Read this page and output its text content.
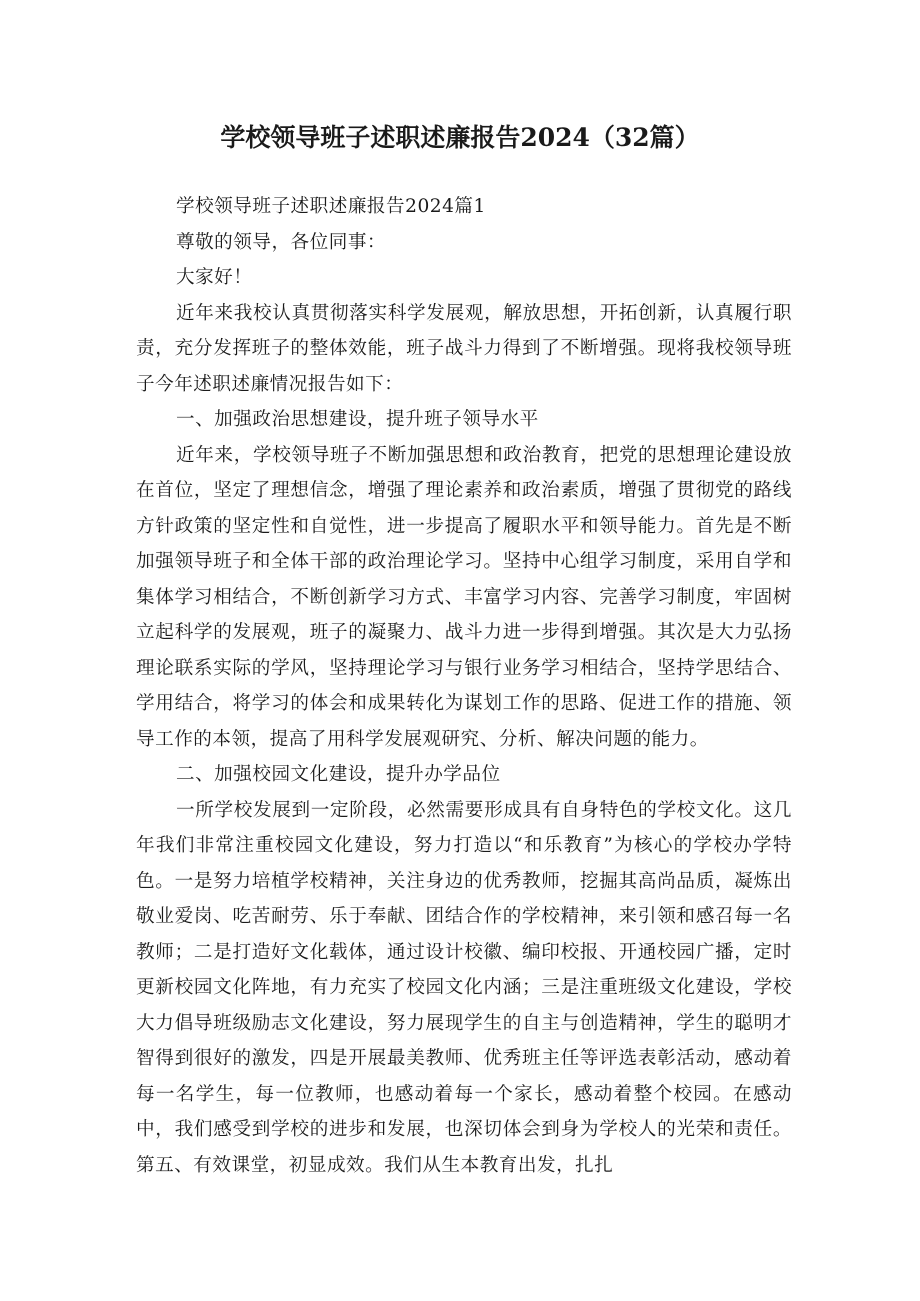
学校领导班子述职述廉报告2024（32篇）

学校领导班子述职述廉报告2024篇1

尊敬的领导，各位同事：

大家好！

近年来我校认真贯彻落实科学发展观，解放思想，开拓创新，认真履行职责，充分发挥班子的整体效能，班子战斗力得到了不断增强。现将我校领导班子今年述职述廉情况报告如下：

一、加强政治思想建设，提升班子领导水平

近年来，学校领导班子不断加强思想和政治教育，把党的思想理论建设放在首位，坚定了理想信念，增强了理论素养和政治素质，增强了贯彻党的路线方针政策的坚定性和自觉性，进一步提高了履职水平和领导能力。首先是不断加强领导班子和全体干部的政治理论学习。坚持中心组学习制度，采用自学和集体学习相结合，不断创新学习方式、丰富学习内容、完善学习制度，牢固树立起科学的发展观，班子的凝聚力、战斗力进一步得到增强。其次是大力弘扬理论联系实际的学风，坚持理论学习与银行业务学习相结合，坚持学思结合、学用结合，将学习的体会和成果转化为谋划工作的思路、促进工作的措施、领导工作的本领，提高了用科学发展观研究、分析、解决问题的能力。

二、加强校园文化建设，提升办学品位

一所学校发展到一定阶段，必然需要形成具有自身特色的学校文化。这几年我们非常注重校园文化建设，努力打造以“和乐教育”为核心的学校办学特色。一是努力培植学校精神，关注身边的优秀教师，挖掘其高尚品质，凝炼出敬业爱岗、吃苦耐劳、乐于奉献、团结合作的学校精神，来引领和感召每一名教师；二是打造好文化载体，通过设计校徽、编印校报、开通校园广播，定时更新校园文化阵地，有力充实了校园文化内涵；三是注重班级文化建设，学校大力倡导班级励志文化建设，努力展现学生的自主与创造精神，学生的聪明才智得到很好的激发，四是开展最美教师、优秀班主任等评选表彰活动，感动着每一名学生，每一位教师，也感动着每一个家长，感动着整个校园。在感动中，我们感受到学校的进步和发展，也深切体会到身为学校人的光荣和责任。第五、有效课堂，初显成效。我们从生本教育出发，扎扎
